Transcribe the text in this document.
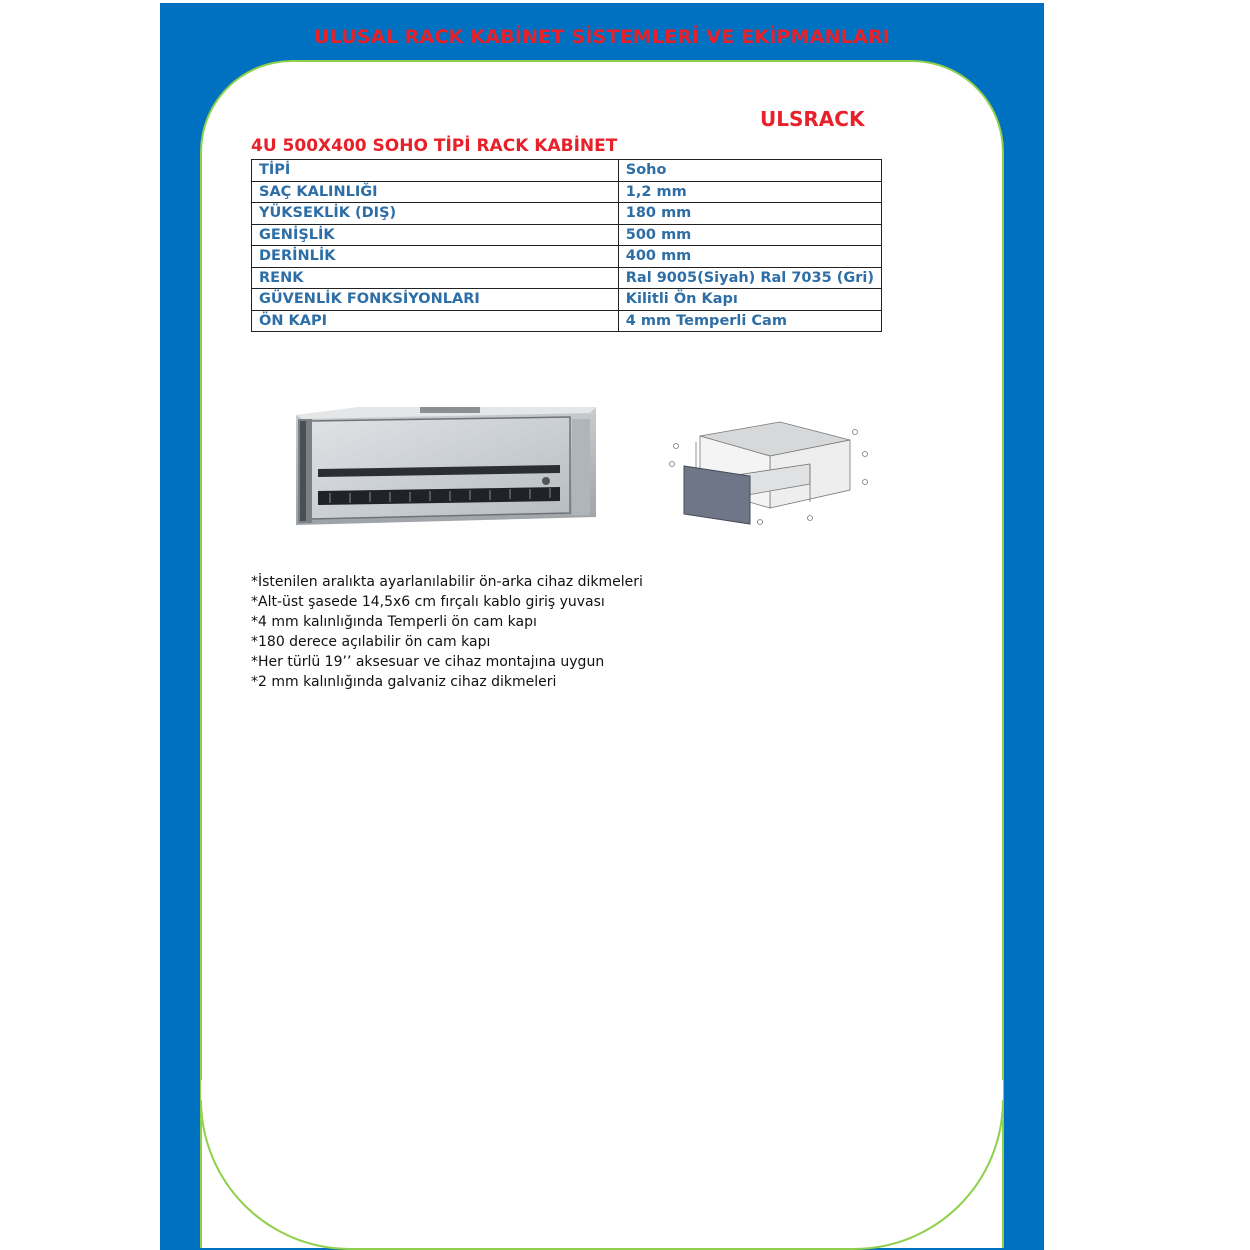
ULUSAL RACK KABİNET SİSTEMLERİ VE EKİPMANLARI
ULSRACK
4U 500X400 SOHO TİPİ RACK KABİNET
TİPİ	Soho
SAÇ KALINLIĞI	1,2 mm
YÜKSEKLİK (DIŞ)	180 mm
GENİŞLİK	500 mm
DERİNLİK	400 mm
RENK	Ral 9005(Siyah) Ral 7035 (Gri)
GÜVENLİK FONKSİYONLARI	Kilitli Ön Kapı
ÖN KAPI	4 mm Temperli Cam
*İstenilen aralıkta ayarlanılabilir ön-arka cihaz dikmeleri
*Alt-üst şasede 14,5x6 cm fırçalı kablo giriş yuvası
*4 mm kalınlığında Temperli ön cam kapı
*180 derece açılabilir ön cam kapı
*Her türlü 19’’ aksesuar ve cihaz montajına uygun
*2 mm kalınlığında galvaniz cihaz dikmeleri
